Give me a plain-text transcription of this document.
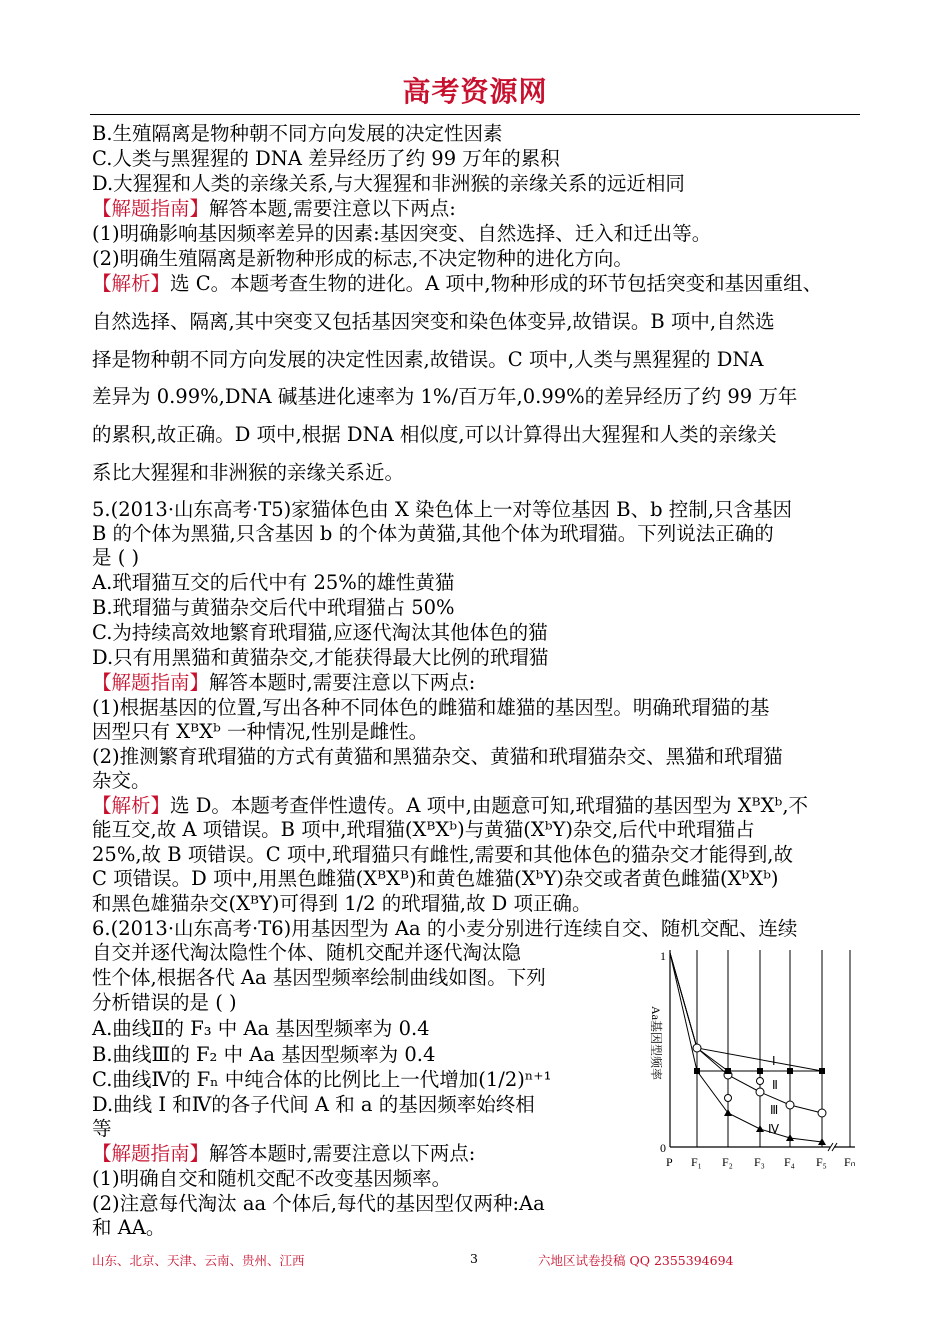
高考资源网
B.生殖隔离是物种朝不同方向发展的决定性因素
C.人类与黑猩猩的 DNA 差异经历了约 99 万年的累积
D.大猩猩和人类的亲缘关系,与大猩猩和非洲猴的亲缘关系的远近相同
【解题指南】解答本题,需要注意以下两点:
(1)明确影响基因频率差异的因素:基因突变、自然选择、迁入和迁出等。
(2)明确生殖隔离是新物种形成的标志,不决定物种的进化方向。
【解析】选 C。本题考查生物的进化。A 项中,物种形成的环节包括突变和基因重组、
自然选择、隔离,其中突变又包括基因突变和染色体变异,故错误。B 项中,自然选
择是物种朝不同方向发展的决定性因素,故错误。C 项中,人类与黑猩猩的 DNA
差异为 0.99%,DNA 碱基进化速率为 1%/百万年,0.99%的差异经历了约 99 万年
的累积,故正确。D 项中,根据 DNA 相似度,可以计算得出大猩猩和人类的亲缘关
系比大猩猩和非洲猴的亲缘关系近。
5.(2013·山东高考·T5)家猫体色由 X 染色体上一对等位基因 B、b 控制,只含基因
B 的个体为黑猫,只含基因 b 的个体为黄猫,其他个体为玳瑁猫。下列说法正确的
是 ( )
A.玳瑁猫互交的后代中有 25%的雄性黄猫
B.玳瑁猫与黄猫杂交后代中玳瑁猫占 50%
C.为持续高效地繁育玳瑁猫,应逐代淘汰其他体色的猫
D.只有用黑猫和黄猫杂交,才能获得最大比例的玳瑁猫
【解题指南】解答本题时,需要注意以下两点:
(1)根据基因的位置,写出各种不同体色的雌猫和雄猫的基因型。明确玳瑁猫的基
因型只有 XᴮXᵇ 一种情况,性别是雌性。
(2)推测繁育玳瑁猫的方式有黄猫和黑猫杂交、黄猫和玳瑁猫杂交、黑猫和玳瑁猫
杂交。
【解析】选 D。本题考查伴性遗传。A 项中,由题意可知,玳瑁猫的基因型为 XᴮXᵇ,不
能互交,故 A 项错误。B 项中,玳瑁猫(XᴮXᵇ)与黄猫(XᵇY)杂交,后代中玳瑁猫占
25%,故 B 项错误。C 项中,玳瑁猫只有雌性,需要和其他体色的猫杂交才能得到,故
C 项错误。D 项中,用黑色雌猫(XᴮXᴮ)和黄色雄猫(XᵇY)杂交或者黄色雌猫(XᵇXᵇ)
和黑色雄猫杂交(XᴮY)可得到 1/2 的玳瑁猫,故 D 项正确。
6.(2013·山东高考·T6)用基因型为 Aa 的小麦分别进行连续自交、随机交配、连续
自交并逐代淘汰隐性个体、随机交配并逐代淘汰隐
性个体,根据各代 Aa 基因型频率绘制曲线如图。下列
分析错误的是 ( )
A.曲线Ⅱ的 F₃ 中 Aa 基因型频率为 0.4
B.曲线Ⅲ的 F₂ 中 Aa 基因型频率为 0.4
C.曲线Ⅳ的 Fₙ 中纯合体的比例比上一代增加(1/2)ⁿ⁺¹
D.曲线 Ⅰ 和Ⅳ的各子代间 A 和 a 的基因频率始终相
等
【解题指南】解答本题时,需要注意以下两点:
(1)明确自交和随机交配不改变基因频率。
(2)注意每代淘汰 aa 个体后,每代的基因型仅两种:Aa
和 AA。
Aa基因型频率
1
0
Ⅰ
Ⅱ
Ⅲ
Ⅳ
P F₁ F₂ F₃ F₄ F₅ Fₙ
山东、北京、天津、云南、贵州、江西	3	六地区试卷投稿 QQ 2355394694
